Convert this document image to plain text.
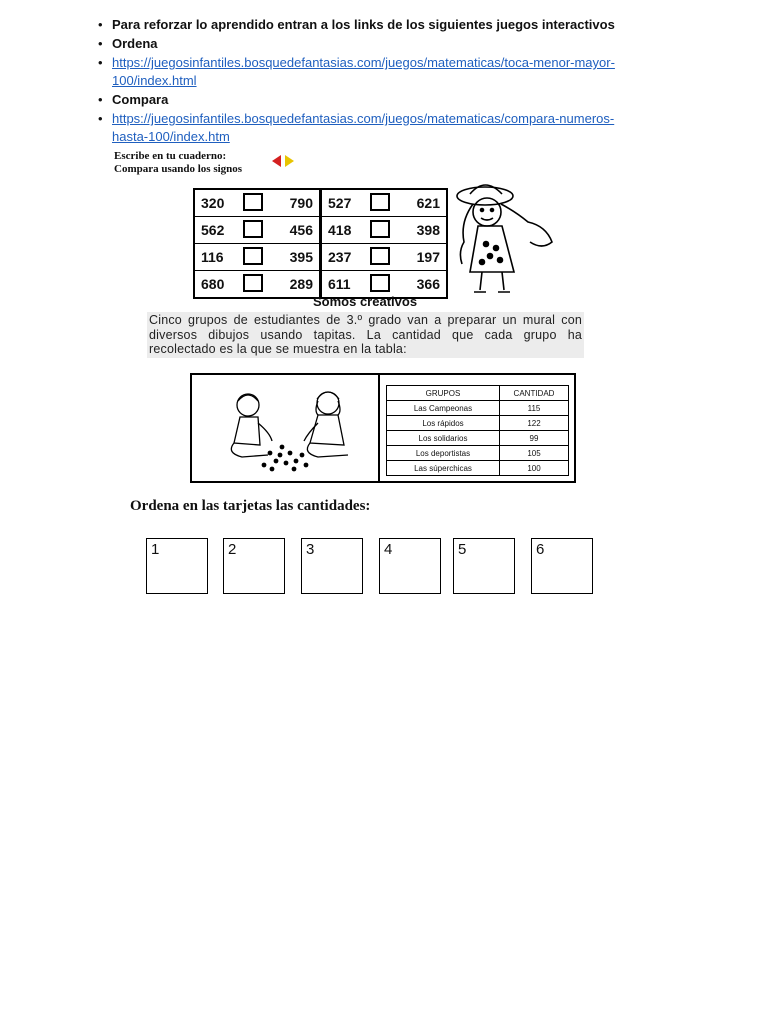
• Para reforzar lo aprendido entran a los links de los siguientes juegos interactivos
• Ordena
• https://juegosinfantiles.bosquedefantasias.com/juegos/matematicas/toca-menor-mayor-
100/index.html
• Compara
• https://juegosinfantiles.bosquedefantasias.com/juegos/matematicas/compara-numeros-
hasta-100/index.htm
Escribe en tu cuaderno:
Compara usando los signos
320 790	527 621

562 456	418 398

116 395	237 197

680 289	611 366
Somos creativos
Cinco grupos de estudiantes de 3.º grado van a preparar un mural con diversos dibujos usando tapitas. La cantidad que cada grupo ha recolectado es la que se muestra en la tabla:
GRUPOS	CANTIDAD
Las Campeonas	115
Los rápidos	122
Los solidarios	99
Los deportistas	105
Las súperchicas	100
Ordena en las tarjetas las cantidades:
1	2	3	4	5	6
